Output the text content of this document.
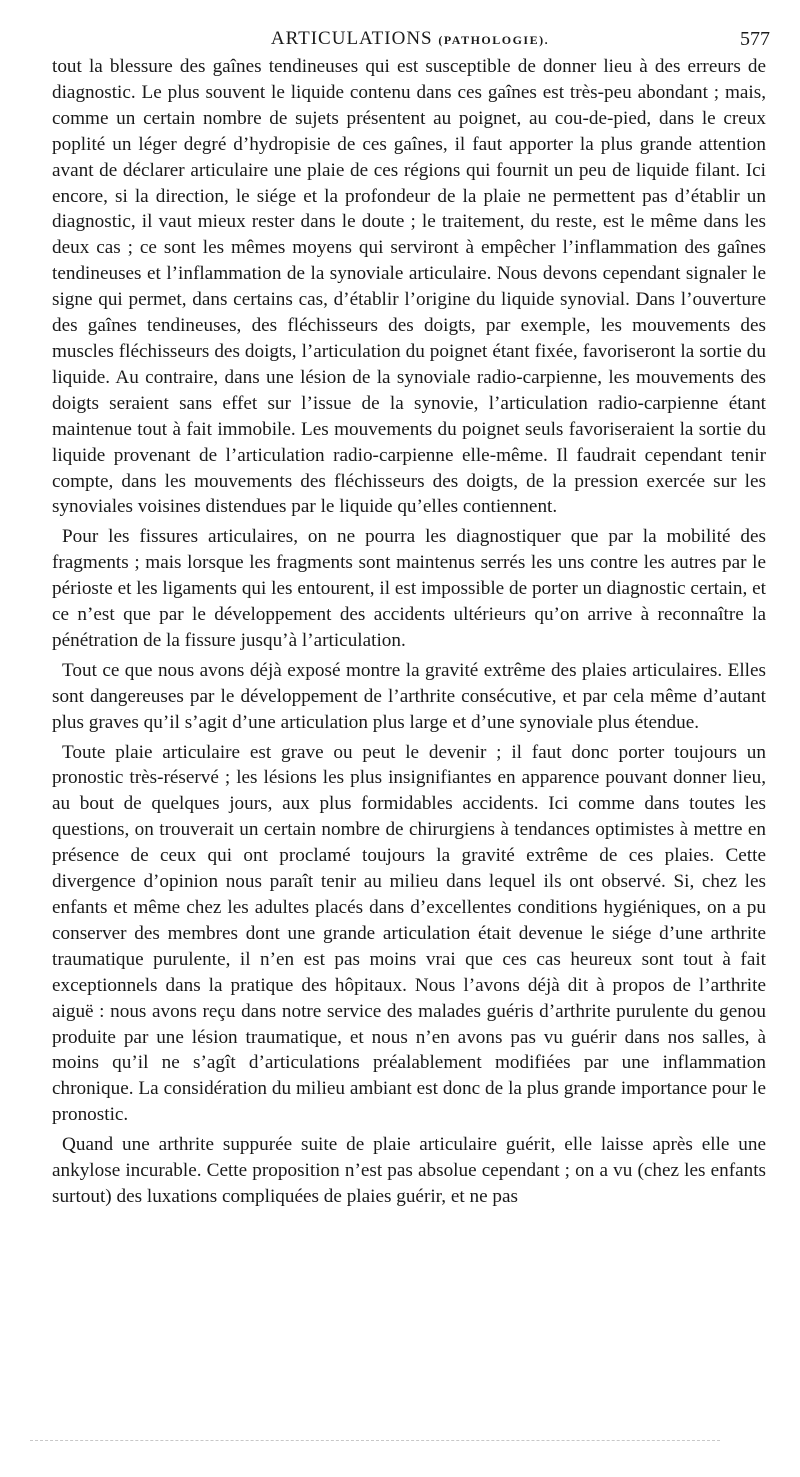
ARTICULATIONS (PATHOLOGIE).	577

tout la blessure des gaînes tendineuses qui est susceptible de donner lieu à des erreurs de diagnostic. Le plus souvent le liquide contenu dans ces gaînes est très-peu abondant ; mais, comme un certain nombre de sujets présentent au poignet, au cou-de-pied, dans le creux poplité un léger degré d’hydropisie de ces gaînes, il faut apporter la plus grande attention avant de déclarer articulaire une plaie de ces régions qui fournit un peu de liquide filant. Ici encore, si la direction, le siége et la profondeur de la plaie ne permettent pas d’établir un diagnostic, il vaut mieux rester dans le doute ; le traitement, du reste, est le même dans les deux cas ; ce sont les mêmes moyens qui serviront à empêcher l’inflammation des gaînes tendineuses et l’inflammation de la synoviale articulaire. Nous devons cependant signaler le signe qui permet, dans certains cas, d’établir l’origine du liquide synovial. Dans l’ouverture des gaînes tendineuses, des fléchisseurs des doigts, par exemple, les mouvements des muscles fléchisseurs des doigts, l’articulation du poignet étant fixée, favoriseront la sortie du liquide. Au contraire, dans une lésion de la synoviale radio-carpienne, les mouvements des doigts seraient sans effet sur l’issue de la synovie, l’articulation radio-carpienne étant maintenue tout à fait immobile. Les mouvements du poignet seuls favoriseraient la sortie du liquide provenant de l’articulation radio-carpienne elle-même. Il faudrait cependant tenir compte, dans les mouvements des fléchisseurs des doigts, de la pression exercée sur les synoviales voisines distendues par le liquide qu’elles contiennent.

Pour les fissures articulaires, on ne pourra les diagnostiquer que par la mobilité des fragments ; mais lorsque les fragments sont maintenus serrés les uns contre les autres par le périoste et les ligaments qui les entourent, il est impossible de porter un diagnostic certain, et ce n’est que par le développement des accidents ultérieurs qu’on arrive à reconnaître la pénétration de la fissure jusqu’à l’articulation.

Tout ce que nous avons déjà exposé montre la gravité extrême des plaies articulaires. Elles sont dangereuses par le développement de l’arthrite consécutive, et par cela même d’autant plus graves qu’il s’agit d’une articulation plus large et d’une synoviale plus étendue.

Toute plaie articulaire est grave ou peut le devenir ; il faut donc porter toujours un pronostic très-réservé ; les lésions les plus insignifiantes en apparence pouvant donner lieu, au bout de quelques jours, aux plus formidables accidents. Ici comme dans toutes les questions, on trouverait un certain nombre de chirurgiens à tendances optimistes à mettre en présence de ceux qui ont proclamé toujours la gravité extrême de ces plaies. Cette divergence d’opinion nous paraît tenir au milieu dans lequel ils ont observé. Si, chez les enfants et même chez les adultes placés dans d’excellentes conditions hygiéniques, on a pu conserver des membres dont une grande articulation était devenue le siége d’une arthrite traumatique purulente, il n’en est pas moins vrai que ces cas heureux sont tout à fait exceptionnels dans la pratique des hôpitaux. Nous l’avons déjà dit à propos de l’arthrite aiguë : nous avons reçu dans notre service des malades guéris d’arthrite purulente du genou produite par une lésion traumatique, et nous n’en avons pas vu guérir dans nos salles, à moins qu’il ne s’agît d’articulations préalablement modifiées par une inflammation chronique. La considération du milieu ambiant est donc de la plus grande importance pour le pronostic.

Quand une arthrite suppurée suite de plaie articulaire guérit, elle laisse après elle une ankylose incurable. Cette proposition n’est pas absolue cependant ; on a vu (chez les enfants surtout) des luxations compliquées de plaies guérir, et ne pas
